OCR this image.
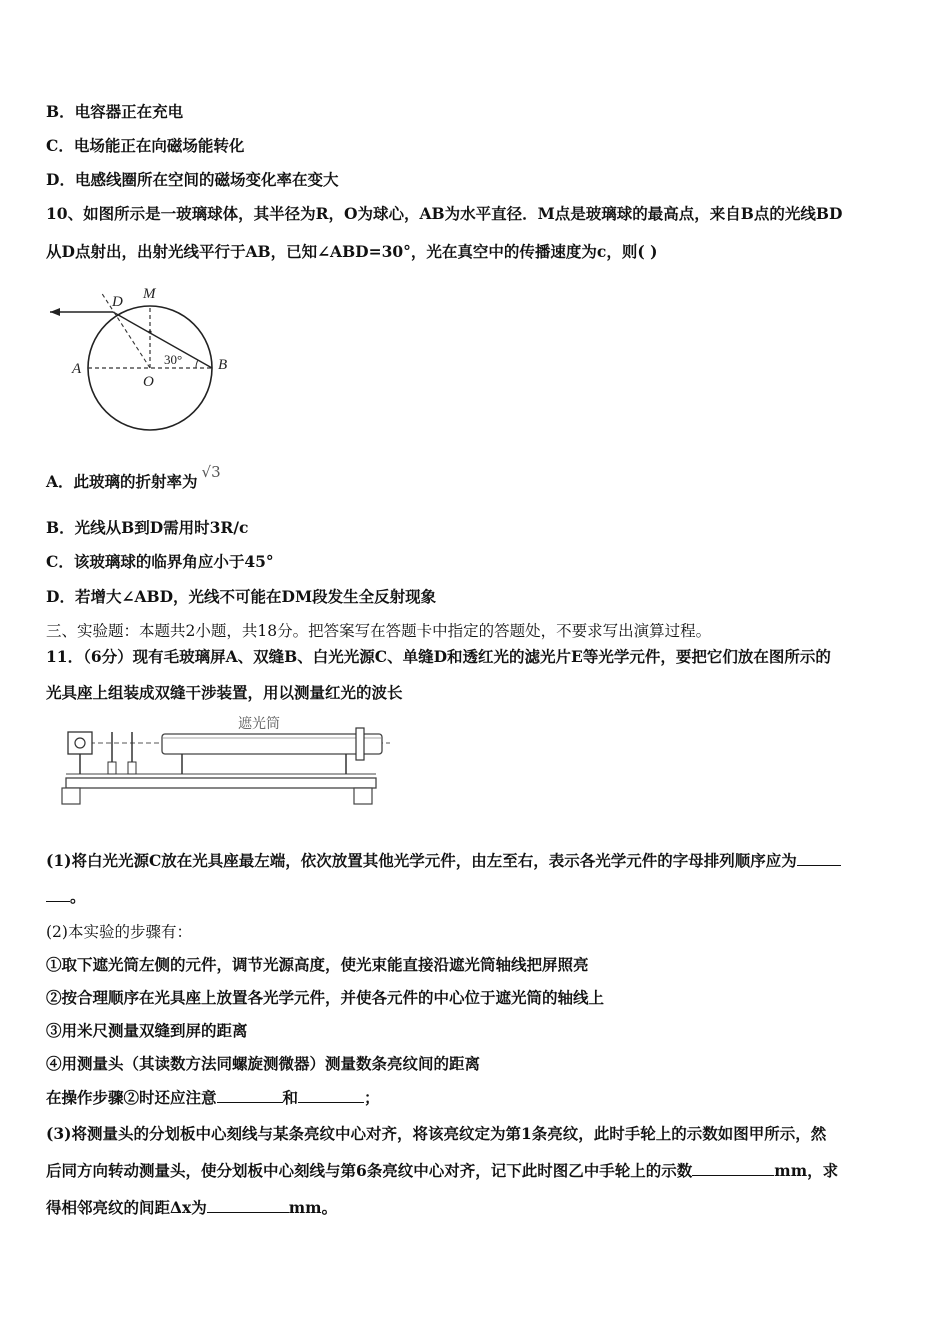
B．电容器正在充电
C．电场能正在向磁场能转化
D．电感线圈所在空间的磁场变化率在变大
10、如图所示是一玻璃球体，其半径为R，O为球心，AB为水平直径．M点是玻璃球的最高点，来自B点的光线BD
从D点射出，出射光线平行于AB，已知∠ABD=30°，光在真空中的传播速度为c，则( )
D M
A
O
B
30°
A．此玻璃的折射率为 √3
B．光线从B到D需用时3R/c
C．该玻璃球的临界角应小于45°
D．若增大∠ABD，光线不可能在DM段发生全反射现象
三、实验题：本题共2小题，共18分。把答案写在答题卡中指定的答题处，不要求写出演算过程。
11．（6分）现有毛玻璃屏A、双缝B、白光光源C、单缝D和透红光的滤光片E等光学元件，要把它们放在图所示的
光具座上组装成双缝干涉装置，用以测量红光的波长
遮光筒
(1)将白光光源C放在光具座最左端，依次放置其他光学元件，由左至右，表示各光学元件的字母排列顺序应为
。
(2)本实验的步骤有：
①取下遮光筒左侧的元件，调节光源高度，使光束能直接沿遮光筒轴线把屏照亮
②按合理顺序在光具座上放置各光学元件，并使各元件的中心位于遮光筒的轴线上
③用米尺测量双缝到屏的距离
④用测量头（其读数方法同螺旋测微器）测量数条亮纹间的距离
在操作步骤②时还应注意	和	；
(3)将测量头的分划板中心刻线与某条亮纹中心对齐，将该亮纹定为第1条亮纹，此时手轮上的示数如图甲所示，然
后同方向转动测量头，使分划板中心刻线与第6条亮纹中心对齐，记下此时图乙中手轮上的示数	mm，求
得相邻亮纹的间距Δx为	mm。
